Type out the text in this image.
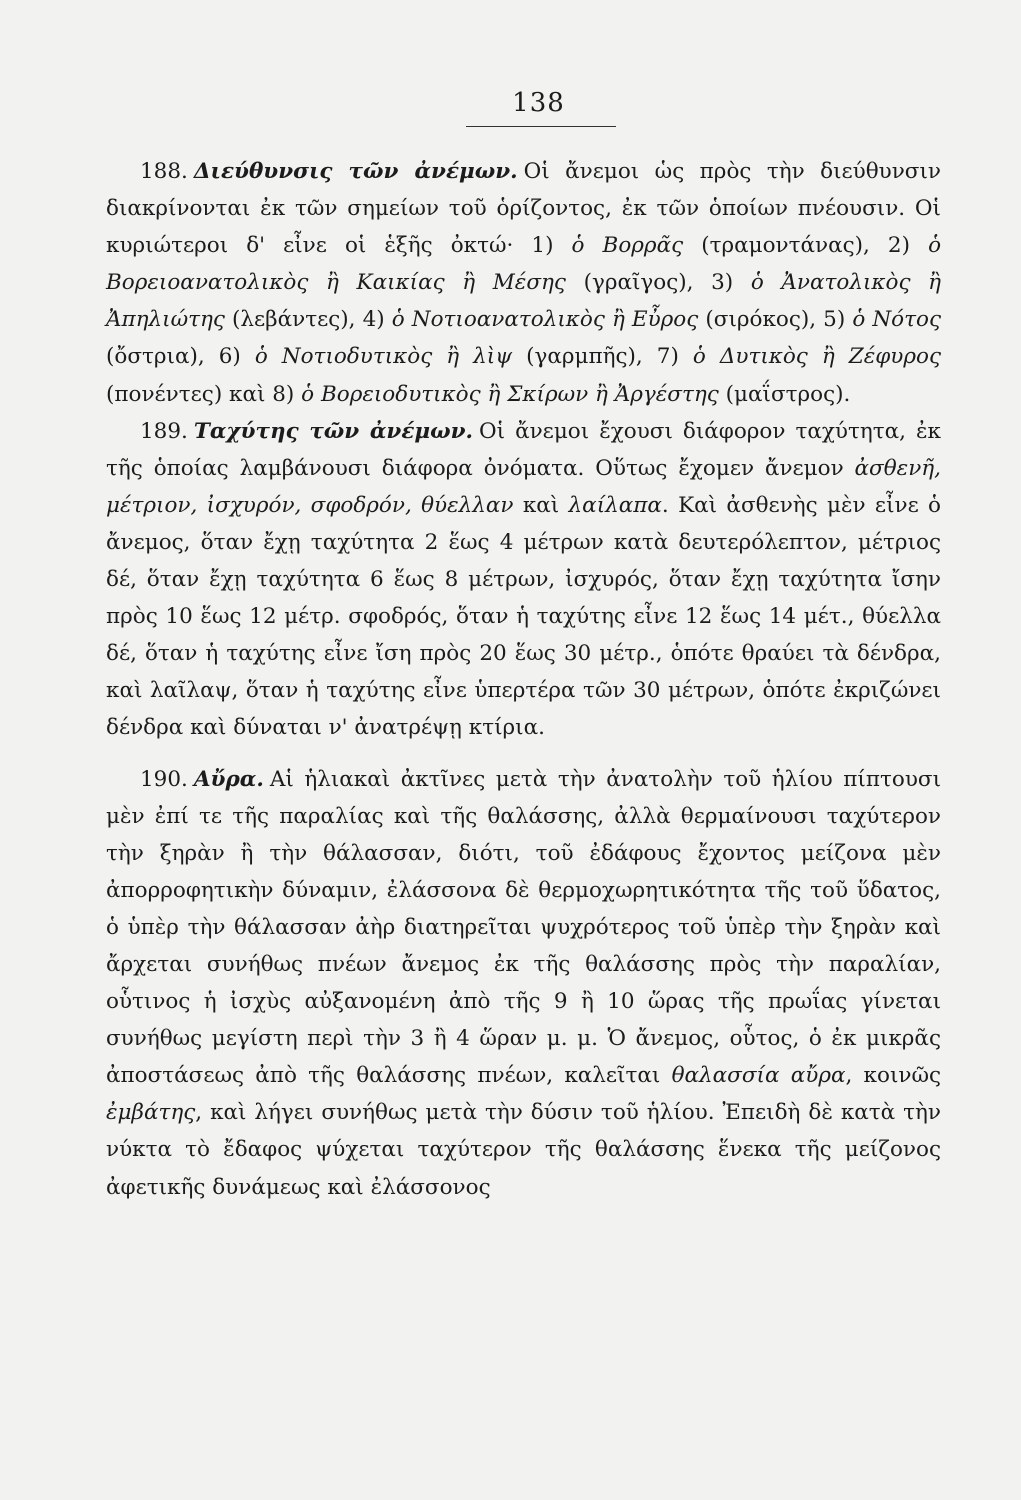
138

188. Διεύθυνσις τῶν ἀνέμων. Οἱ ἄνεμοι ὡς πρὸς τὴν διεύθυνσιν διακρίνονται ἐκ τῶν σημείων τοῦ ὁρίζοντος, ἐκ τῶν ὁποίων πνέουσιν. Οἱ κυριώτεροι δ' εἶνε οἱ ἑξῆς ὀκτώ· 1) ὁ Βορρᾶς (τραμοντάνας), 2) ὁ Βορειοανατολικὸς ἢ Καικίας ἢ Μέσης (γραῖγος), 3) ὁ Ἀνατολικὸς ἢ Ἀπηλιώτης (λεβάντες), 4) ὁ Νοτιοανατολικὸς ἢ Εὖρος (σιρόκος), 5) ὁ Νότος (ὄστρια), 6) ὁ Νοτιοδυτικὸς ἢ λὶψ (γαρμπῆς), 7) ὁ Δυτικὸς ἢ Ζέφυρος (πονέντες) καὶ 8) ὁ Βορειοδυτικὸς ἢ Σκίρων ἢ Ἀργέστης (μαΐστρος).

189. Ταχύτης τῶν ἀνέμων. Οἱ ἄνεμοι ἔχουσι διάφορον ταχύτητα, ἐκ τῆς ὁποίας λαμβάνουσι διάφορα ὀνόματα. Οὕτως ἔχομεν ἄνεμον ἀσθενῆ, μέτριον, ἰσχυρόν, σφοδρόν, θύελλαν καὶ λαίλαπα. Καὶ ἀσθενὴς μὲν εἶνε ὁ ἄνεμος, ὅταν ἔχῃ ταχύτητα 2 ἕως 4 μέτρων κατὰ δευτερόλεπτον, μέτριος δέ, ὅταν ἔχῃ ταχύτητα 6 ἕως 8 μέτρων, ἰσχυρός, ὅταν ἔχῃ ταχύτητα ἴσην πρὸς 10 ἕως 12 μέτρ. σφοδρός, ὅταν ἡ ταχύτης εἶνε 12 ἕως 14 μέτ., θύελλα δέ, ὅταν ἡ ταχύτης εἶνε ἴση πρὸς 20 ἕως 30 μέτρ., ὁπότε θραύει τὰ δένδρα, καὶ λαῖλαψ, ὅταν ἡ ταχύτης εἶνε ὑπερτέρα τῶν 30 μέτρων, ὁπότε ἐκριζώνει δένδρα καὶ δύναται ν' ἀνατρέψῃ κτίρια.

190. Αὔρα. Αἱ ἡλιακαὶ ἀκτῖνες μετὰ τὴν ἀνατολὴν τοῦ ἡλίου πίπτουσι μὲν ἐπί τε τῆς παραλίας καὶ τῆς θαλάσσης, ἀλλὰ θερμαίνουσι ταχύτερον τὴν ξηρὰν ἢ τὴν θάλασσαν, διότι, τοῦ ἐδάφους ἔχοντος μείζονα μὲν ἀπορροφητικὴν δύναμιν, ἐλάσσονα δὲ θερμοχωρητικότητα τῆς τοῦ ὕδατος, ὁ ὑπὲρ τὴν θάλασσαν ἀὴρ διατηρεῖται ψυχρότερος τοῦ ὑπὲρ τὴν ξηρὰν καὶ ἄρχεται συνήθως πνέων ἄνεμος ἐκ τῆς θαλάσσης πρὸς τὴν παραλίαν, οὗτινος ἡ ἰσχὺς αὐξανομένη ἀπὸ τῆς 9 ἢ 10 ὥρας τῆς πρωΐας γίνεται συνήθως μεγίστη περὶ τὴν 3 ἢ 4 ὥραν μ. μ. Ὁ ἄνεμος, οὗτος, ὁ ἐκ μικρᾶς ἀποστάσεως ἀπὸ τῆς θαλάσσης πνέων, καλεῖται θαλασσία αὔρα, κοινῶς ἐμβάτης, καὶ λήγει συνήθως μετὰ τὴν δύσιν τοῦ ἡλίου. Ἐπειδὴ δὲ κατὰ τὴν νύκτα τὸ ἔδαφος ψύχεται ταχύτερον τῆς θαλάσσης ἕνεκα τῆς μείζονος ἀφετικῆς δυνάμεως καὶ ἐλάσσονος
